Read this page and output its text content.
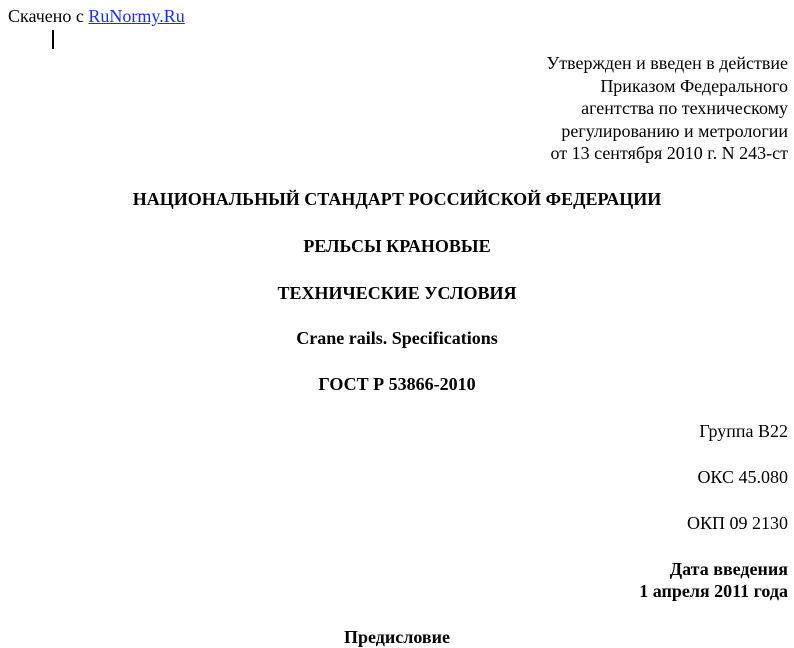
Скачено с RuNormy.Ru
Утвержден и введен в действие
Приказом Федерального
агентства по техническому
регулированию и метрологии
от 13 сентября 2010 г. N 243-ст
НАЦИОНАЛЬНЫЙ СТАНДАРТ РОССИЙСКОЙ ФЕДЕРАЦИИ
РЕЛЬСЫ КРАНОВЫЕ
ТЕХНИЧЕСКИЕ УСЛОВИЯ
Crane rails. Specifications
ГОСТ Р 53866-2010
Группа В22
ОКС 45.080
ОКП 09 2130
Дата введения
1 апреля 2011 года
Предисловие
